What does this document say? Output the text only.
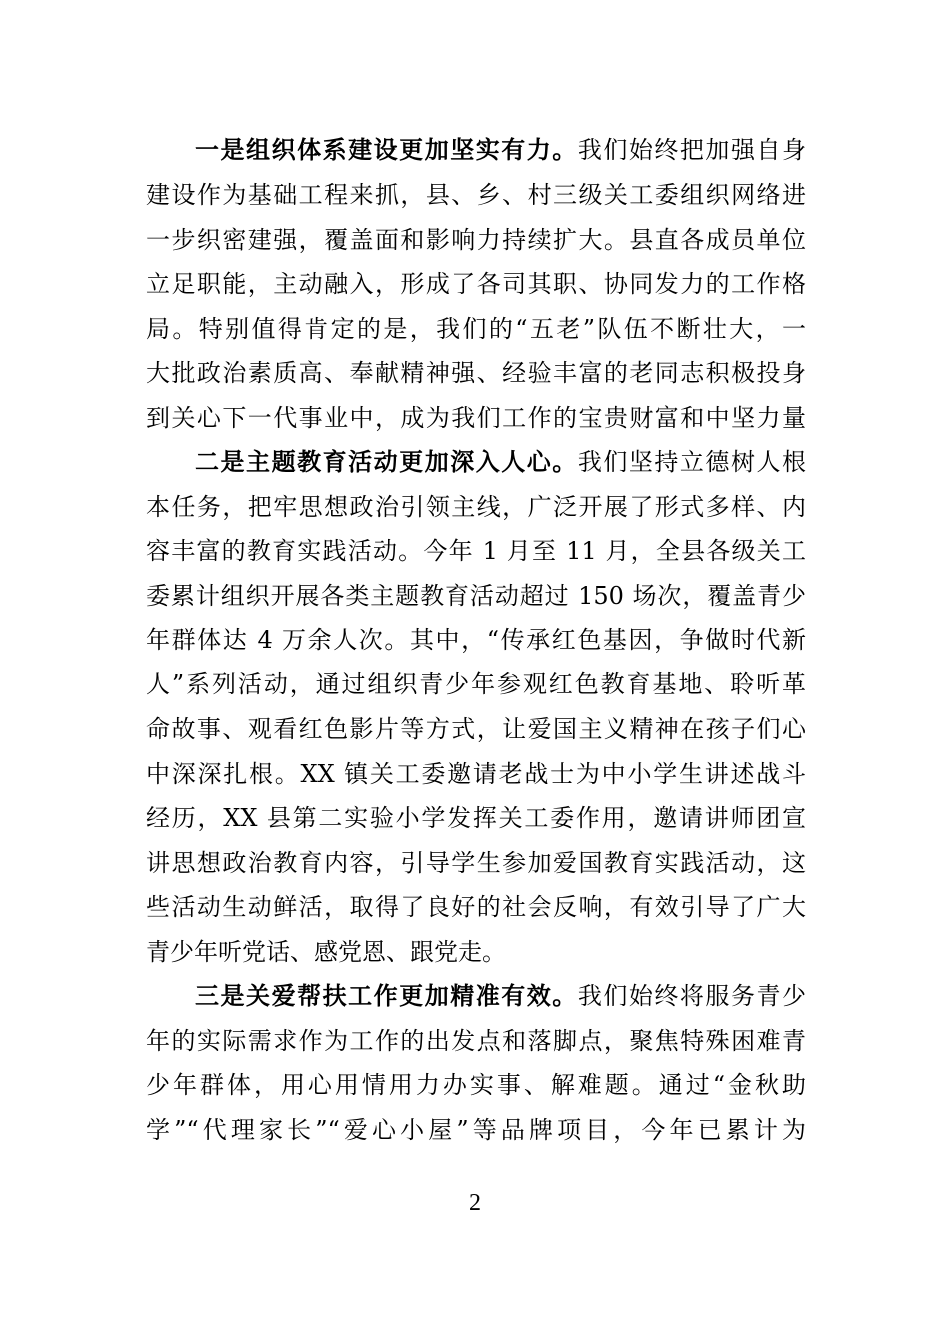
一是组织体系建设更加坚实有力。我们始终把加强自身
建设作为基础工程来抓，县、乡、村三级关工委组织网络进
一步织密建强，覆盖面和影响力持续扩大。县直各成员单位
立足职能，主动融入，形成了各司其职、协同发力的工作格
局。特别值得肯定的是，我们的“五老”队伍不断壮大，一
大批政治素质高、奉献精神强、经验丰富的老同志积极投身
到关心下一代事业中，成为我们工作的宝贵财富和中坚力量
二是主题教育活动更加深入人心。我们坚持立德树人根
本任务，把牢思想政治引领主线，广泛开展了形式多样、内
容丰富的教育实践活动。今年 1 月至 11 月，全县各级关工
委累计组织开展各类主题教育活动超过 150 场次，覆盖青少
年群体达 4 万余人次。其中，“传承红色基因，争做时代新
人”系列活动，通过组织青少年参观红色教育基地、聆听革
命故事、观看红色影片等方式，让爱国主义精神在孩子们心
中深深扎根。XX 镇关工委邀请老战士为中小学生讲述战斗
经历，XX 县第二实验小学发挥关工委作用，邀请讲师团宣
讲思想政治教育内容，引导学生参加爱国教育实践活动，这
些活动生动鲜活，取得了良好的社会反响，有效引导了广大
青少年听党话、感党恩、跟党走。
三是关爱帮扶工作更加精准有效。我们始终将服务青少
年的实际需求作为工作的出发点和落脚点，聚焦特殊困难青
少年群体，用心用情用力办实事、解难题。通过“金秋助
学”“代理家长”“爱心小屋”等品牌项目，今年已累计为
2
